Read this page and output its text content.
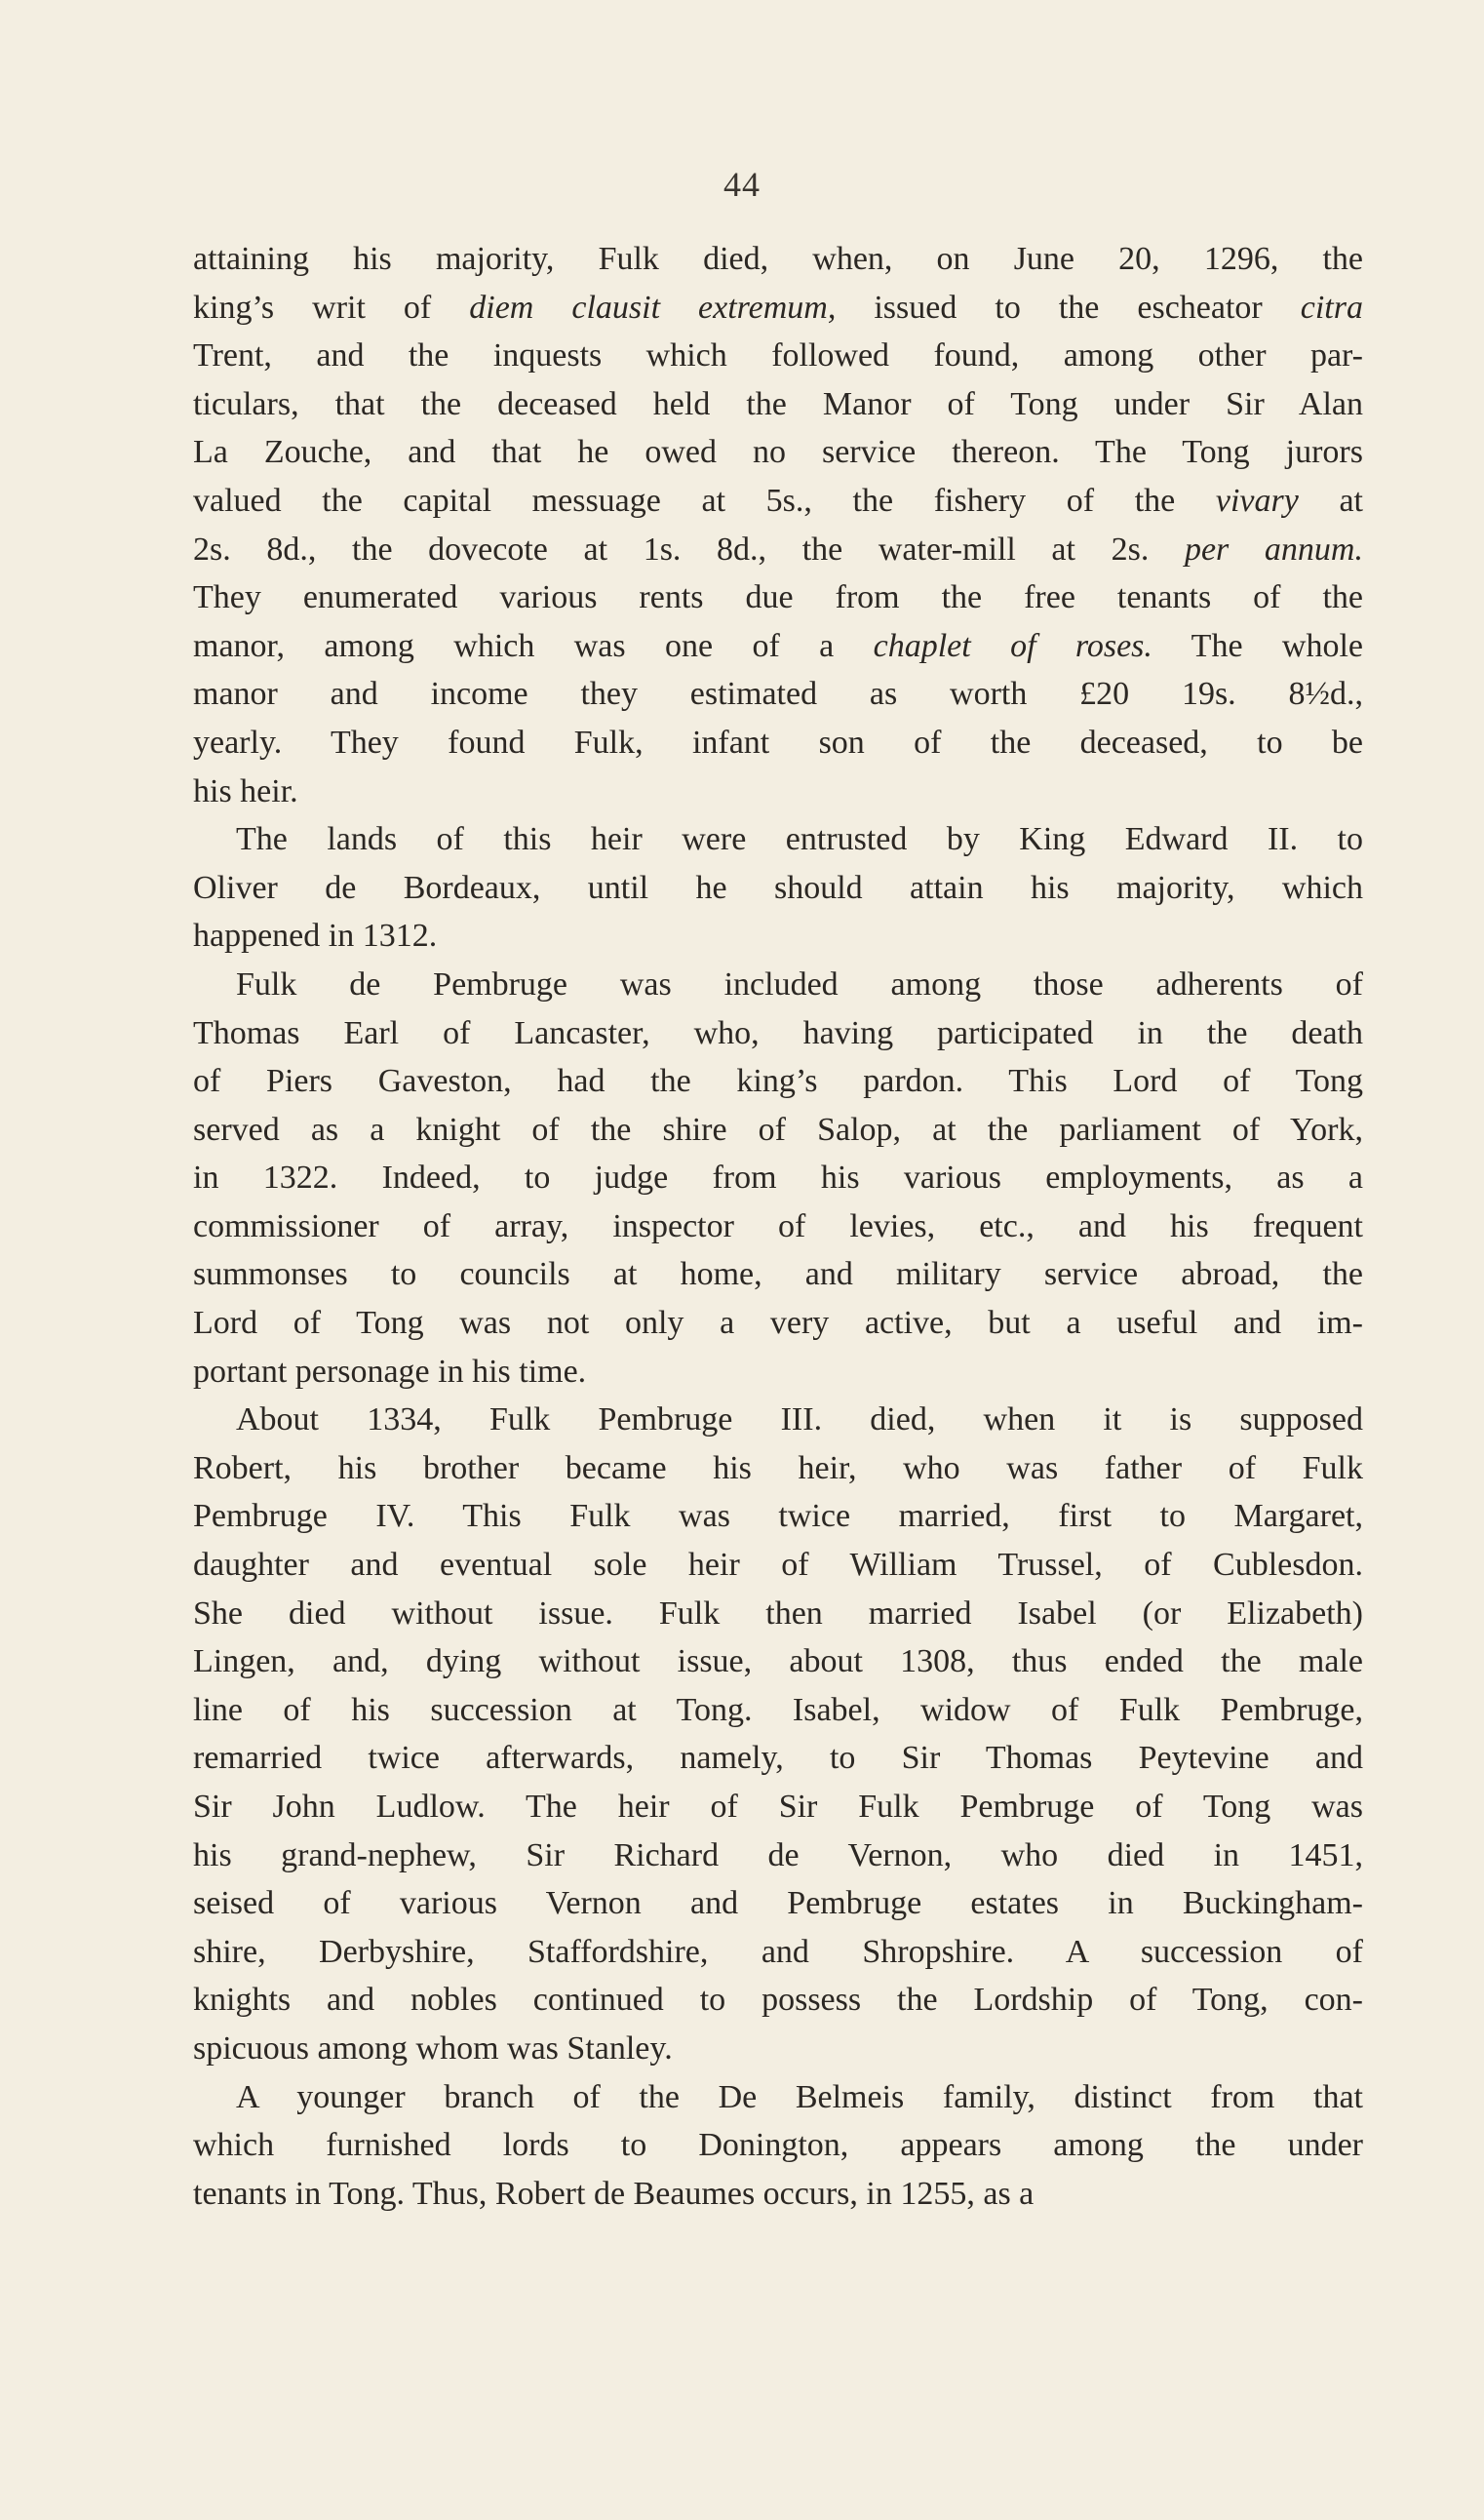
44

attaining his majority, Fulk died, when, on June 20, 1296, the
king’s writ of diem clausit extremum, issued to the escheator citra
Trent, and the inquests which followed found, among other par-
ticulars, that the deceased held the Manor of Tong under Sir Alan
La Zouche, and that he owed no service thereon. The Tong jurors
valued the capital messuage at 5s., the fishery of the vivary at
2s. 8d., the dovecote at 1s. 8d., the water-mill at 2s. per annum.
They enumerated various rents due from the free tenants of the
manor, among which was one of a chaplet of roses. The whole
manor and income they estimated as worth £20 19s. 8½d.,
yearly. They found Fulk, infant son of the deceased, to be
his heir.

The lands of this heir were entrusted by King Edward II. to
Oliver de Bordeaux, until he should attain his majority, which
happened in 1312.

Fulk de Pembruge was included among those adherents of
Thomas Earl of Lancaster, who, having participated in the death
of Piers Gaveston, had the king’s pardon. This Lord of Tong
served as a knight of the shire of Salop, at the parliament of York,
in 1322. Indeed, to judge from his various employments, as a
commissioner of array, inspector of levies, etc., and his frequent
summonses to councils at home, and military service abroad, the
Lord of Tong was not only a very active, but a useful and im-
portant personage in his time.

About 1334, Fulk Pembruge III. died, when it is supposed
Robert, his brother became his heir, who was father of Fulk
Pembruge IV. This Fulk was twice married, first to Margaret,
daughter and eventual sole heir of William Trussel, of Cublesdon.
She died without issue. Fulk then married Isabel (or Elizabeth)
Lingen, and, dying without issue, about 1308, thus ended the male
line of his succession at Tong. Isabel, widow of Fulk Pembruge,
remarried twice afterwards, namely, to Sir Thomas Peytevine and
Sir John Ludlow. The heir of Sir Fulk Pembruge of Tong was
his grand-nephew, Sir Richard de Vernon, who died in 1451,
seised of various Vernon and Pembruge estates in Buckingham-
shire, Derbyshire, Staffordshire, and Shropshire. A succession of
knights and nobles continued to possess the Lordship of Tong, con-
spicuous among whom was Stanley.

A younger branch of the De Belmeis family, distinct from that
which furnished lords to Donington, appears among the under
tenants in Tong. Thus, Robert de Beaumes occurs, in 1255, as a
